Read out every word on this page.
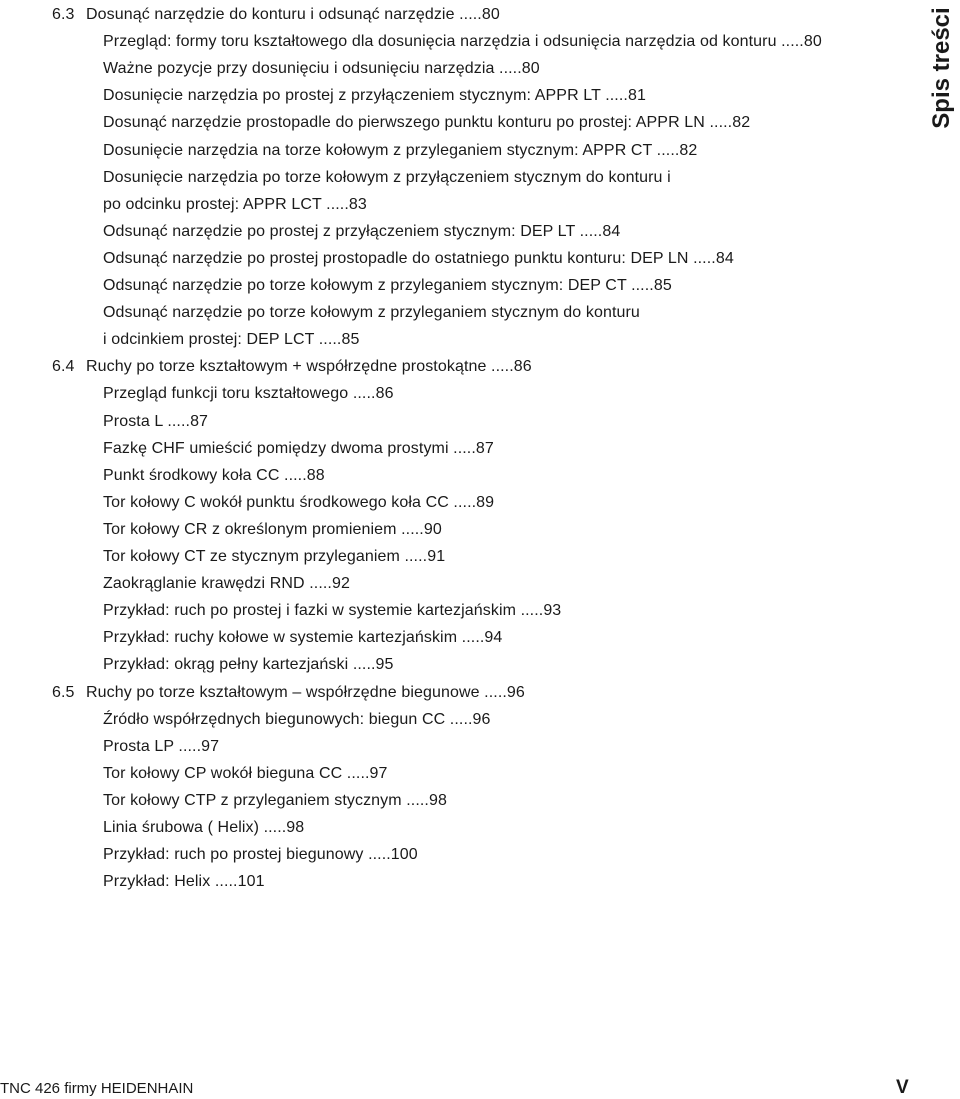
6.3 Dosunąć narzędzie do konturu i odsunąć narzędzie .....80
Przegląd: formy toru kształtowego dla dosunięcia narzędzia i odsunięcia narzędzia od konturu .....80
Ważne pozycje przy dosunięciu i odsunięciu narzędzia .....80
Dosunięcie narzędzia po prostej z przyłączeniem stycznym: APPR LT .....81
Dosunąć narzędzie prostopadle do pierwszego punktu konturu po prostej: APPR LN .....82
Dosunięcie narzędzia na torze kołowym z przyleganiem stycznym: APPR CT .....82
Dosunięcie narzędzia po torze kołowym z przyłączeniem stycznym do konturu i
po odcinku prostej: APPR LCT .....83
Odsunąć narzędzie po prostej z przyłączeniem stycznym: DEP LT .....84
Odsunąć narzędzie po prostej prostopadle do ostatniego punktu konturu: DEP LN .....84
Odsunąć narzędzie po torze kołowym z przyleganiem stycznym: DEP CT .....85
Odsunąć narzędzie po torze kołowym z przyleganiem stycznym do konturu
i odcinkiem prostej: DEP LCT .....85
6.4 Ruchy po torze kształtowym + współrzędne prostokątne .....86
Przegląd funkcji toru kształtowego .....86
Prosta L .....87
Fazkę CHF umieścić pomiędzy dwoma prostymi .....87
Punkt środkowy koła CC .....88
Tor kołowy C wokół punktu środkowego koła CC .....89
Tor kołowy CR z określonym promieniem .....90
Tor kołowy CT ze stycznym przyleganiem .....91
Zaokrąglanie krawędzi RND .....92
Przykład: ruch po prostej i fazki w systemie kartezjańskim .....93
Przykład: ruchy kołowe w systemie kartezjańskim .....94
Przykład: okrąg pełny kartezjański .....95
6.5 Ruchy po torze kształtowym – współrzędne biegunowe .....96
Źródło współrzędnych biegunowych: biegun CC .....96
Prosta LP .....97
Tor kołowy CP wokół bieguna CC .....97
Tor kołowy CTP z przyleganiem stycznym .....98
Linia śrubowa ( Helix) .....98
Przykład: ruch po prostej biegunowy .....100
Przykład: Helix .....101
Spis treści
TNC 426 firmy HEIDENHAIN	V
